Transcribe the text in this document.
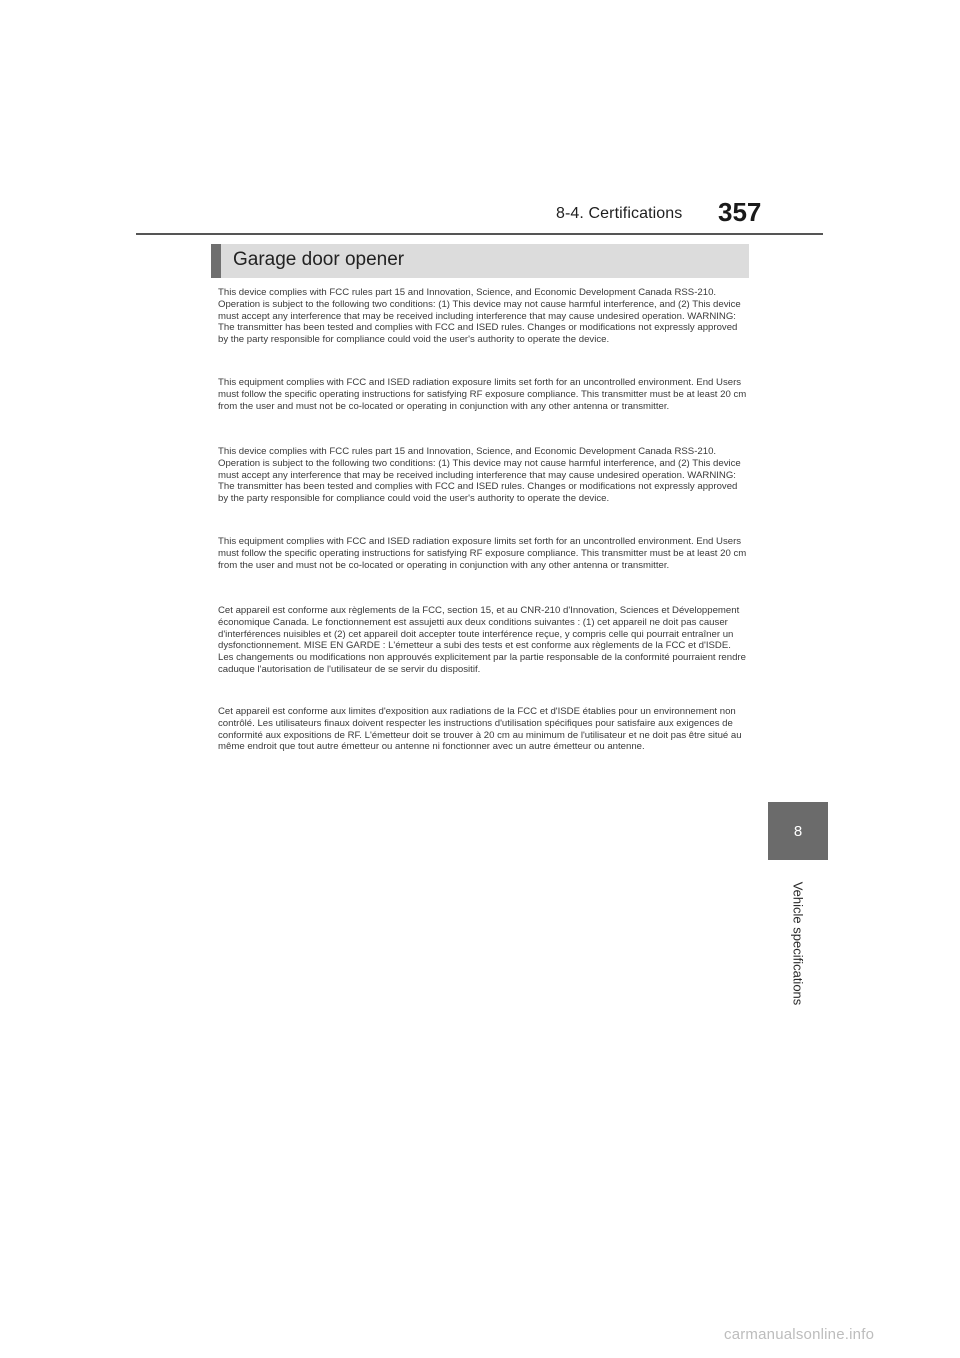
8-4. Certifications 357
Garage door opener

This device complies with FCC rules part 15 and Innovation, Science, and Economic Development Canada RSS-210. Operation is subject to the following two conditions: (1) This device may not cause harmful interference, and (2) This device must accept any interference that may be received including interference that may cause undesired operation. WARNING: The transmitter has been tested and complies with FCC and ISED rules. Changes or modifications not expressly approved by the party responsible for compliance could void the user's authority to operate the device.

This equipment complies with FCC and ISED radiation exposure limits set forth for an uncontrolled environment. End Users must follow the specific operating instructions for satisfying RF exposure compliance. This transmitter must be at least 20 cm from the user and must not be co-located or operating in conjunction with any other antenna or transmitter.

This device complies with FCC rules part 15 and Innovation, Science, and Economic Development Canada RSS-210. Operation is subject to the following two conditions: (1) This device may not cause harmful interference, and (2) This device must accept any interference that may be received including interference that may cause undesired operation. WARNING: The transmitter has been tested and complies with FCC and ISED rules. Changes or modifications not expressly approved by the party responsible for compliance could void the user's authority to operate the device.

This equipment complies with FCC and ISED radiation exposure limits set forth for an uncontrolled environment. End Users must follow the specific operating instructions for satisfying RF exposure compliance. This transmitter must be at least 20 cm from the user and must not be co-located or operating in conjunction with any other antenna or transmitter.

Cet appareil est conforme aux règlements de la FCC, section 15, et au CNR-210 d'Innovation, Sciences et Développement économique Canada. Le fonctionnement est assujetti aux deux conditions suivantes : (1) cet appareil ne doit pas causer d'interférences nuisibles et (2) cet appareil doit accepter toute interférence reçue, y compris celle qui pourrait entraîner un dysfonctionnement. MISE EN GARDE : L'émetteur a subi des tests et est conforme aux règlements de la FCC et d'ISDE. Les changements ou modifications non approuvés explicitement par la partie responsable de la conformité pourraient rendre caduque l'autorisation de l'utilisateur de se servir du dispositif.

Cet appareil est conforme aux limites d'exposition aux radiations de la FCC et d'ISDE établies pour un environnement non contrôlé. Les utilisateurs finaux doivent respecter les instructions d'utilisation spécifiques pour satisfaire aux exigences de conformité aux expositions de RF. L'émetteur doit se trouver à 20 cm au minimum de l'utilisateur et ne doit pas être situé au même endroit que tout autre émetteur ou antenne ni fonctionner avec un autre émetteur ou antenne.

8
Vehicle specifications
carmanualsonline.info
